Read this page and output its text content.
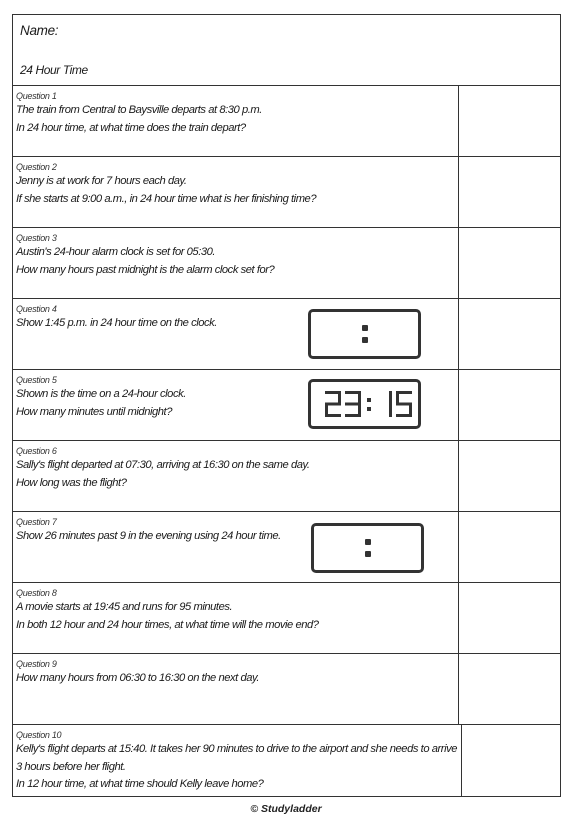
Name:
24 Hour Time
Question 1
The train from Central to Baysville departs at 8:30 p.m.
In 24 hour time, at what time does the train depart?
Question 2
Jenny is at work for 7 hours each day.
If she starts at 9:00 a.m., in 24 hour time what is her finishing time?
Question 3
Austin's 24-hour alarm clock is set for 05:30.
How many hours past midnight is the alarm clock set for?
Question 4
Show 1:45 p.m. in 24 hour time on the clock.
Question 5
Shown is the time on a 24-hour clock.
How many minutes until midnight?
Question 6
Sally's flight departed at 07:30, arriving at 16:30 on the same day.
How long was the flight?
Question 7
Show 26 minutes past 9 in the evening using 24 hour time.
Question 8
A movie starts at 19:45 and runs for 95 minutes.
In both 12 hour and 24 hour times, at what time will the movie end?
Question 9
How many hours from 06:30 to 16:30 on the next day.
Question 10
Kelly's flight departs at 15:40. It takes her 90 minutes to drive to the airport and she needs to arrive
3 hours before her flight.
In 12 hour time, at what time should Kelly leave home?
© Studyladder
